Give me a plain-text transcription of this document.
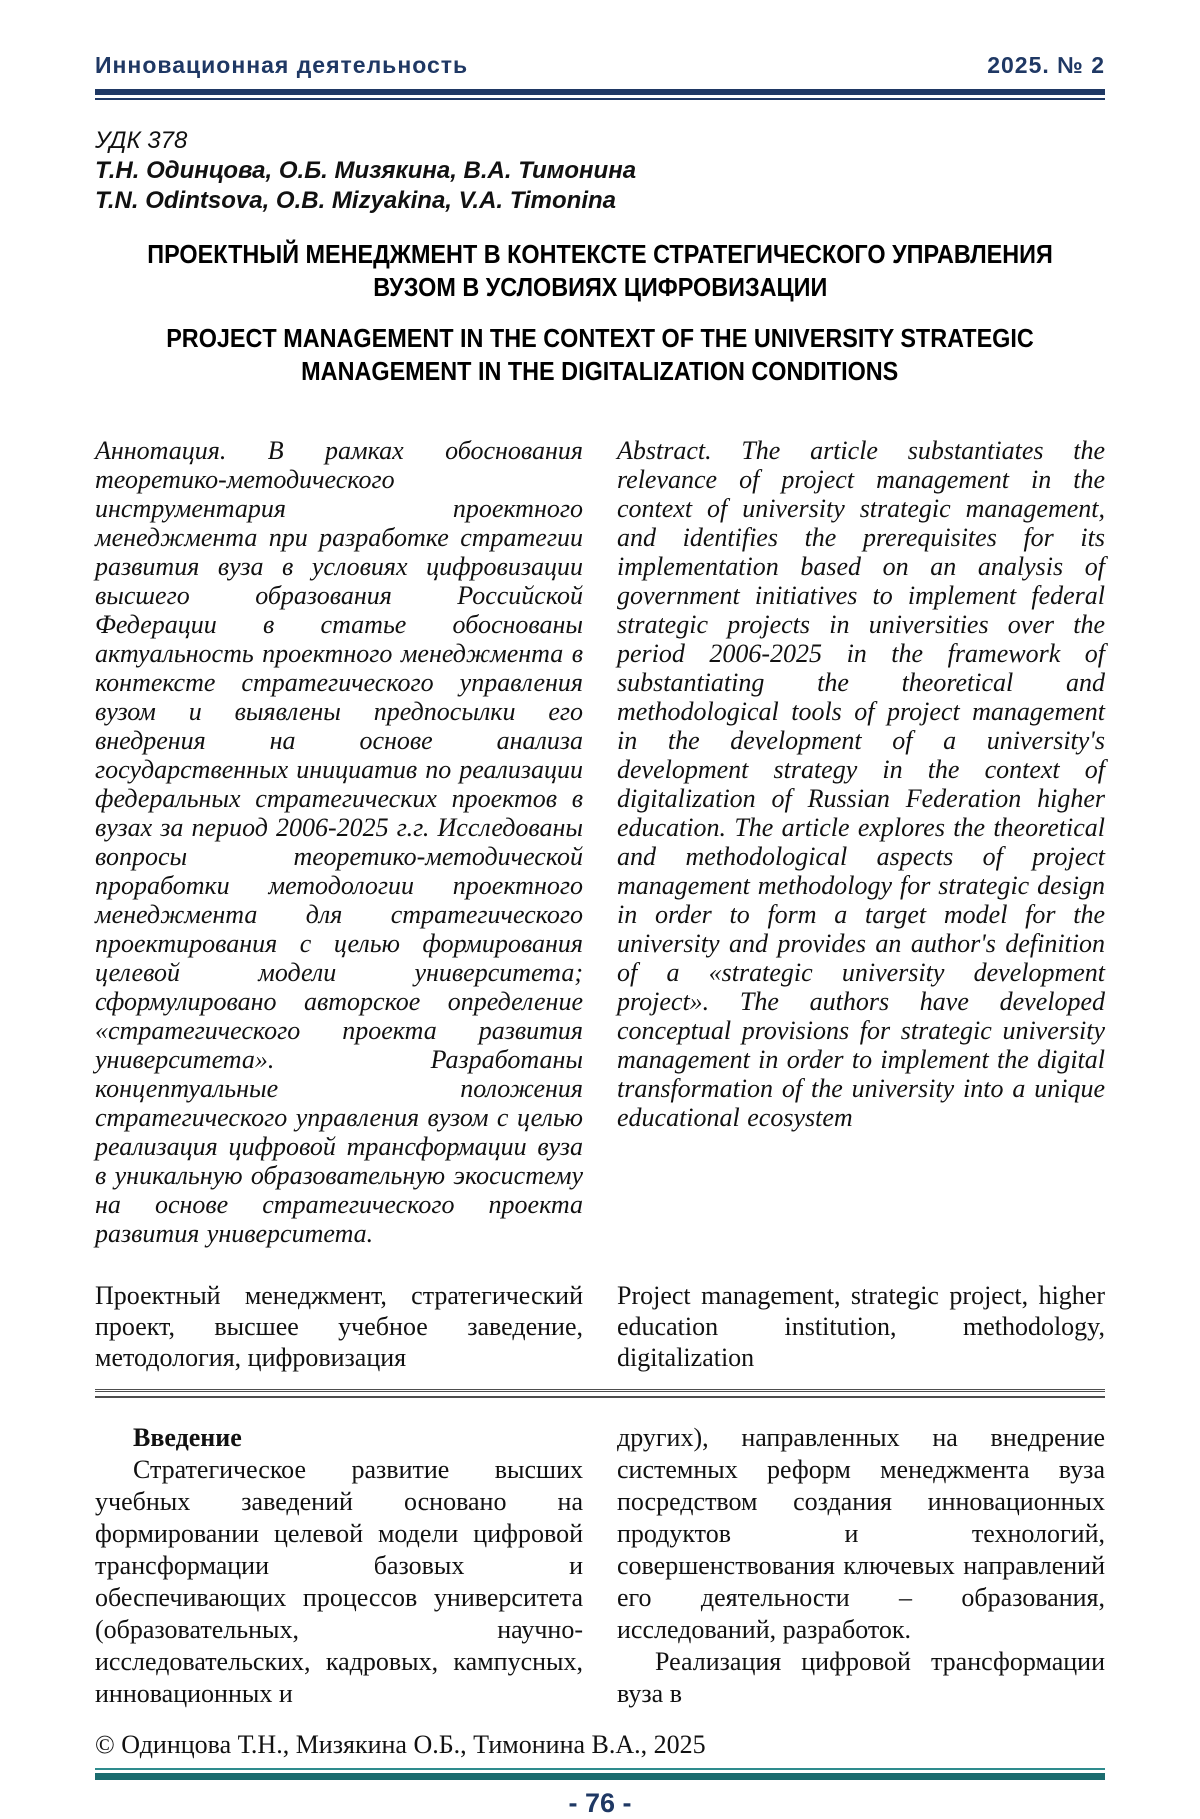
Инновационная деятельность	2025. № 2
УДК 378
Т.Н. Одинцова, О.Б. Мизякина, В.А. Тимонина
T.N. Odintsova, O.B. Mizyakina, V.A. Timonina
ПРОЕКТНЫЙ МЕНЕДЖМЕНТ В КОНТЕКСТЕ СТРАТЕГИЧЕСКОГО УПРАВЛЕНИЯ
ВУЗОМ В УСЛОВИЯХ ЦИФРОВИЗАЦИИ
PROJECT MANAGEMENT IN THE CONTEXT OF THE UNIVERSITY STRATEGIC
MANAGEMENT IN THE DIGITALIZATION CONDITIONS

Аннотация. В рамках обоснования теоретико-методического инструментария проектного менеджмента при разработке стратегии развития вуза в условиях цифровизации высшего образования Российской Федерации в статье обоснованы актуальность проектного менеджмента в контексте стратегического управления вузом и выявлены предпосылки его внедрения на основе анализа государственных инициатив по реализации федеральных стратегических проектов в вузах за период 2006-2025 г.г. Исследованы вопросы теоретико-методической проработки методологии проектного менеджмента для стратегического проектирования с целью формирования целевой модели университета; сформулировано авторское определение «стратегического проекта развития университета». Разработаны концептуальные положения стратегического управления вузом с целью реализация цифровой трансформации вуза в уникальную образовательную экосистему на основе стратегического проекта развития университета.

Abstract. The article substantiates the relevance of project management in the context of university strategic management, and identifies the prerequisites for its implementation based on an analysis of government initiatives to implement federal strategic projects in universities over the period 2006-2025 in the framework of substantiating the theoretical and methodological tools of project management in the development of a university's development strategy in the context of digitalization of Russian Federation higher education. The article explores the theoretical and methodological aspects of project management methodology for strategic design in order to form a target model for the university and provides an author's definition of a «strategic university development project». The authors have developed conceptual provisions for strategic university management in order to implement the digital transformation of the university into a unique educational ecosystem

Проектный менеджмент, стратегический проект, высшее учебное заведение, методология, цифровизация

Project management, strategic project, higher education institution, methodology, digitalization

Введение

Стратегическое развитие высших учебных заведений основано на формировании целевой модели цифровой трансформации базовых и обеспечивающих процессов университета (образовательных, научно-исследовательских, кадровых, кампусных, инновационных и

других), направленных на внедрение системных реформ менеджмента вуза посредством создания инновационных продуктов и технологий, совершенствования ключевых направлений его деятельности – образования, исследований, разработок.

Реализация цифровой трансформации вуза в

© Одинцова Т.Н., Мизякина О.Б., Тимонина В.А., 2025
- 76 -
